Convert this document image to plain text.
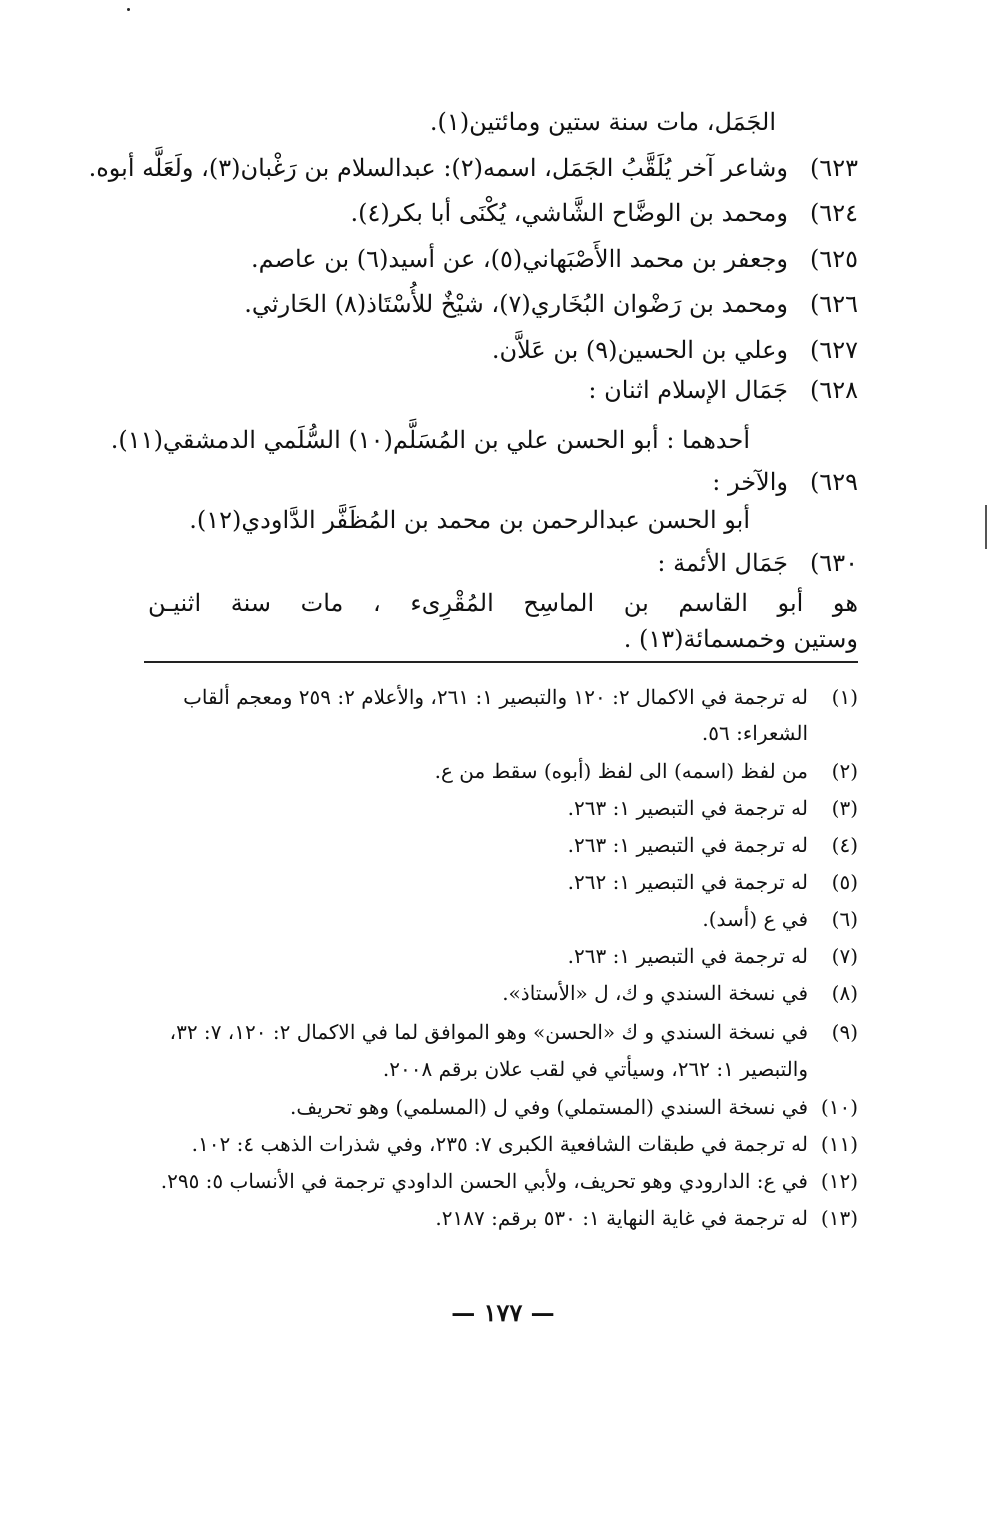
الجَمَل، مات سنة ستين ومائتين(١).
٦٢٣)وشاعر آخر يُلَقَّبُ الجَمَل، اسمه(٢): عبدالسلام بن رَغْبان(٣)، ولَعَلَّه أبوه.
٦٢٤)ومحمد بن الوضَّاح الشَّاشي، يُكْنَى أبا بكر(٤).
٦٢٥)وجعفر بن محمد االأَصْبَهاني(٥)، عن أسيد(٦) بن عاصم.
٦٢٦)ومحمد بن رَضْوان البُخَاري(٧)، شيْخٌ للأُسْتَاذ(٨) الحَارثي.
٦٢٧)وعلي بن الحسين(٩) بن عَلاَّن.
٦٢٨)جَمَال الإسلام اثنان :
أحدهما : أبو الحسن علي بن المُسَلَّم(١٠) السُّلَمي الدمشقي(١١).
٦٢٩)والآخر :
أبو الحسن عبدالرحمن بن محمد بن المُظَفَّر الدَّاودي(١٢).
٦٣٠)جَمَال الأئمة :
هو أبو القاسم بن الماسِح المُقْرِىء ، مات سنة اثنيـن
وستين وخمسمائة(١٣) .
(١)له ترجمة في الاكمال ٢: ١٢٠ والتبصير ١: ٢٦١، والأعلام ٢: ٢٥٩ ومعجم ألقاب
الشعراء: ٥٦.
(٢)من لفظ (اسمه) الى لفظ (أبوه) سقط من ع.
(٣)له ترجمة في التبصير ١: ٢٦٣.
(٤)له ترجمة في التبصير ١: ٢٦٣.
(٥)له ترجمة في التبصير ١: ٢٦٢.
(٦)في ع (أسد).
(٧)له ترجمة في التبصير ١: ٢٦٣.
(٨)في نسخة السندي و ك، ل «الأستاذ».
(٩)في نسخة السندي و ك «الحسن» وهو الموافق لما في الاكمال ٢: ١٢٠، ٧: ٣٢،
والتبصير ١: ٢٦٢، وسيأتي في لقب علان برقم ٢٠٠٨.
(١٠)في نسخة السندي (المستملي) وفي ل (المسلمي) وهو تحريف.
(١١)له ترجمة في طبقات الشافعية الكبرى ٧: ٢٣٥، وفي شذرات الذهب ٤: ١٠٢.
(١٢)في ع: الدارودي وهو تحريف، ولأبي الحسن الداودي ترجمة في الأنساب ٥: ٢٩٥.
(١٣)له ترجمة في غاية النهاية ١: ٥٣٠ برقم: ٢١٨٧.
— ١٧٧ —
